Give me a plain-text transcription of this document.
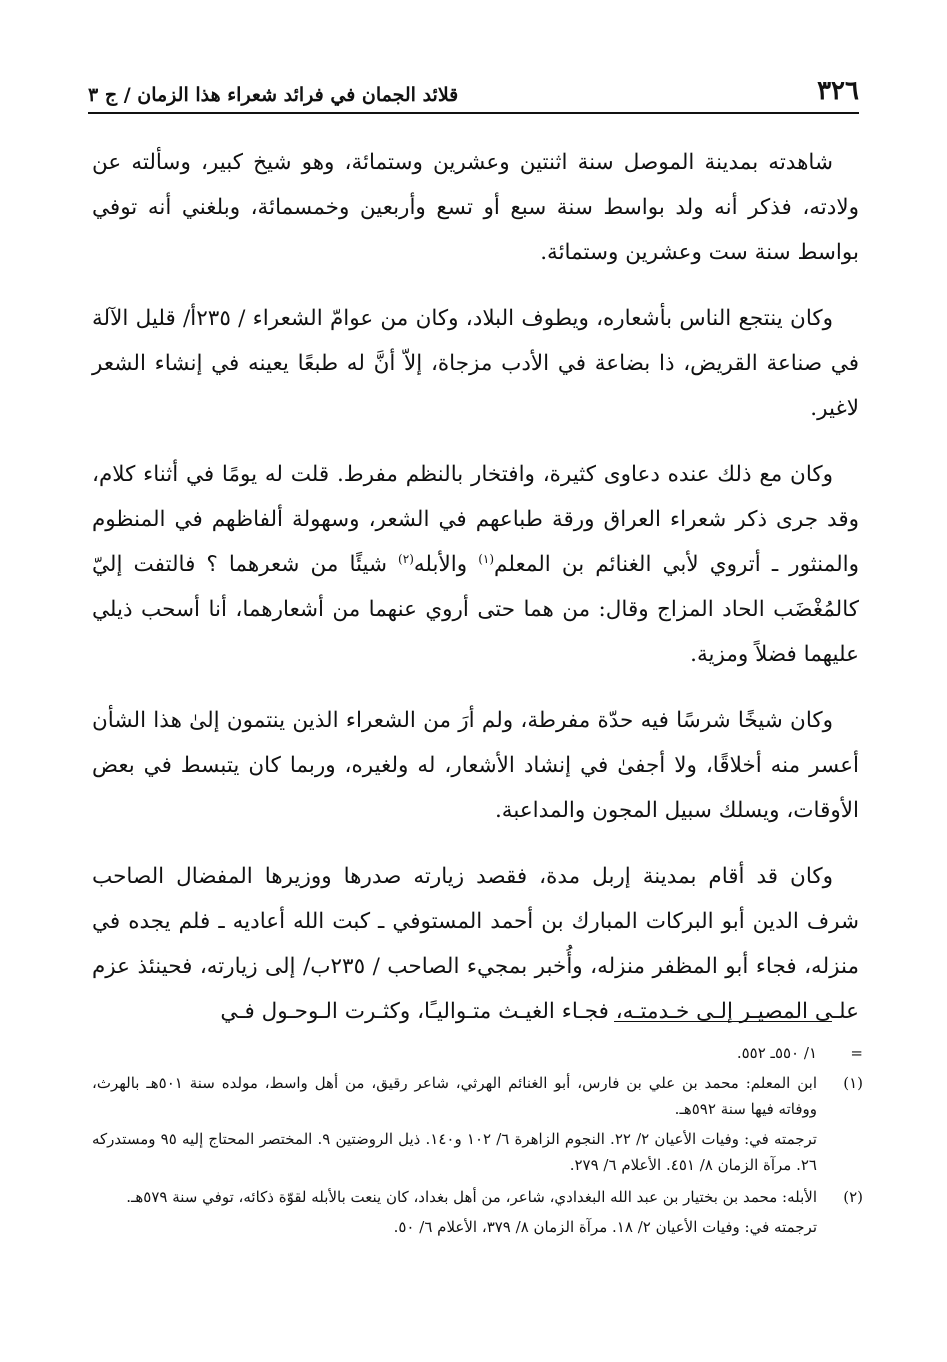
٣٢٦
قلائد الجمان في فرائد شعراء هذا الزمان / ج ٣

شاهدته بمدينة الموصل سنة اثنتين وعشرين وستمائة، وهو شيخ كبير، وسألته عن ولادته، فذكر أنه ولد بواسط سنة سبع أو تسع وأربعين وخمسمائة، وبلغني أنه توفي بواسط سنة ست وعشرين وستمائة.

وكان ينتجع الناس بأشعاره، ويطوف البلاد، وكان من عوامّ الشعراء / ٢٣٥أ/ قليل الآلة في صناعة القريض، ذا بضاعة في الأدب مزجاة، إلاّ أنَّ له طبعًا يعينه في إنشاء الشعر لاغير.

وكان مع ذلك عنده دعاوى كثيرة، وافتخار بالنظم مفرط. قلت له يومًا في أثناء كلام، وقد جرى ذكر شعراء العراق ورقة طباعهم في الشعر، وسهولة ألفاظهم في المنظوم والمنثور ـ أتروي لأبي الغنائم بن المعلم$^{(١)}$ والأبله$^{(٢)}$ شيئًا من شعرهما ؟ فالتفت إليّ كالمُغْضَب الحاد المزاج وقال: من هما حتى أروي عنهما من أشعارهما، أنا أسحب ذيلي عليهما فضلاً ومزية.

وكان شيخًا شرسًا فيه حدّة مفرطة، ولم أرَ من الشعراء الذين ينتمون إلىٰ هذا الشأن أعسر منه أخلاقًا، ولا أجفىٰ في إنشاد الأشعار، له ولغيره، وربما كان يتبسط في بعض الأوقات، ويسلك سبيل المجون والمداعبة.

وكان قد أقام بمدينة إربل مدة، فقصد زيارته صدرها ووزيرها المفضال الصاحب شرف الدين أبو البركات المبارك بن أحمد المستوفي ـ كبت الله أعاديه ـ فلم يجده في منزله، فجاء أبو المظفر منزله، وأُخبر بمجيء الصاحب / ٢٣٥ب/ إلى زيارته، فحينئذ عزم علـى المصيـر إلـى خـدمتـه، فجـاء الغيـث متـواليـًا، وكثـرت الـوحـول فـي

=
١/ ٥٥٠ـ ٥٥٢.
(١)
ابن المعلم: محمد بن علي بن فارس، أبو الغنائم الهرثي، شاعر رقيق، من أهل واسط، مولده سنة ٥٠١هـ بالهرث، ووفاته فيها سنة ٥٩٢هـ.
ترجمته في: وفيات الأعيان ٢/ ٢٢. النجوم الزاهرة ٦/ ١٠٢ و١٤٠. ذيل الروضتين ٩. المختصر المحتاج إليه ٩٥ ومستدركه ٢٦. مرآة الزمان ٨/ ٤٥١. الأعلام ٦/ ٢٧٩.
(٢)
الأبله: محمد بن بختيار بن عبد الله البغدادي، شاعر، من أهل بغداد، كان ينعت بالأبله لقوّة ذكائه، توفي سنة ٥٧٩هـ.
ترجمته في: وفيات الأعيان ٢/ ١٨. مرآة الزمان ٨/ ٣٧٩، الأعلام ٦/ ٥٠.
